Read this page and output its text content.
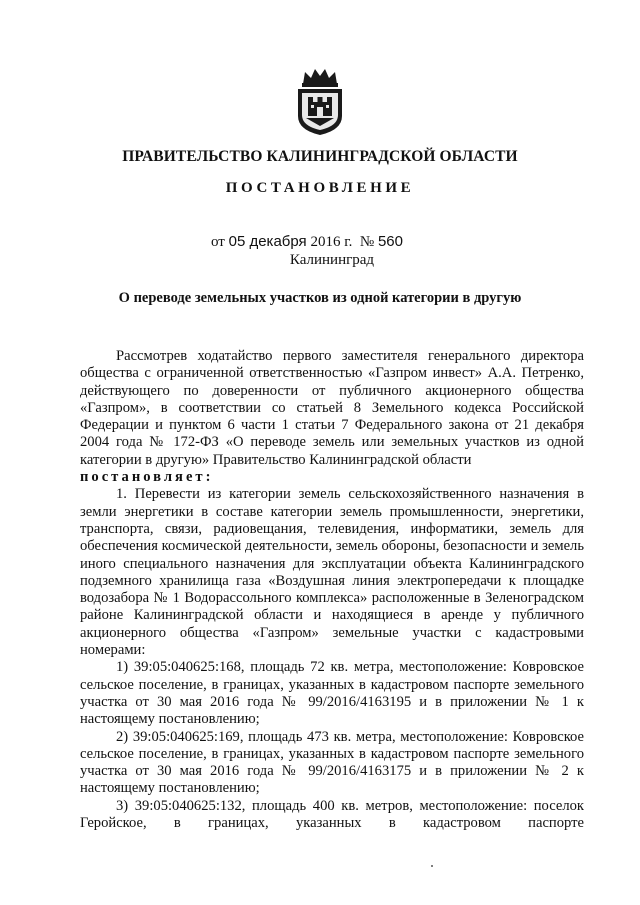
ПРАВИТЕЛЬСТВО КАЛИНИНГРАДСКОЙ ОБЛАСТИ
ПОСТАНОВЛЕНИЕ
от 05 декабря 2016 г. № 560
Калининград
О переводе земельных участков из одной категории в другую

Рассмотрев ходатайство первого заместителя генерального директора общества с ограниченной ответственностью «Газпром инвест» А.А. Петренко, действующего по доверенности от публичного акционерного общества «Газпром», в соответствии со статьей 8 Земельного кодекса Российской Федерации и пунктом 6 части 1 статьи 7 Федерального закона от 21 декабря 2004 года № 172-ФЗ «О переводе земель или земельных участков из одной категории в другую» Правительство Калининградской области

постановляет:

1. Перевести из категории земель сельскохозяйственного назначения в земли энергетики в составе категории земель промышленности, энергетики, транспорта, связи, радиовещания, телевидения, информатики, земель для обеспечения космической деятельности, земель обороны, безопасности и земель иного специального назначения для эксплуатации объекта Калининградского подземного хранилища газа «Воздушная линия электропередачи к площадке водозабора № 1 Водорассольного комплекса» расположенные в Зеленоградском районе Калининградской области и находящиеся в аренде у публичного акционерного общества «Газпром» земельные участки с кадастровыми номерами:

1) 39:05:040625:168, площадь 72 кв. метра, местоположение: Ковровское сельское поселение, в границах, указанных в кадастровом паспорте земельного участка от 30 мая 2016 года № 99/2016/4163195 и в приложении № 1 к настоящему постановлению;

2) 39:05:040625:169, площадь 473 кв. метра, местоположение: Ковровское сельское поселение, в границах, указанных в кадастровом паспорте земельного участка от 30 мая 2016 года № 99/2016/4163175 и в приложении № 2 к настоящему постановлению;

3) 39:05:040625:132, площадь 400 кв. метров, местоположение: поселок Геройское, в границах, указанных в кадастровом паспорте
